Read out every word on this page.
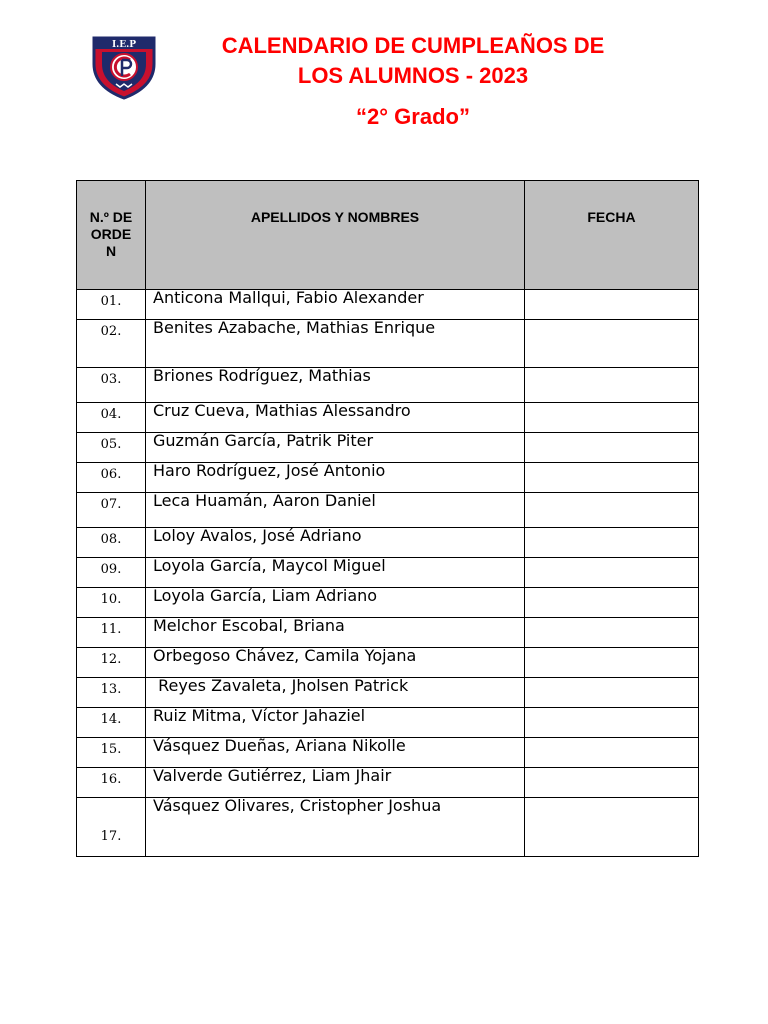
I.E.P	CALENDARIO DE CUMPLEAÑOS DE
LOS ALUMNOS - 2023
“2° Grado”
N.º DE ORDEN	APELLIDOS Y NOMBRES	FECHA

01.	Anticona Mallqui, Fabio Alexander	
02.	Benites Azabache, Mathias Enrique	
03.	Briones Rodríguez, Mathias	
04.	Cruz Cueva, Mathias Alessandro	
05.	Guzmán García, Patrik Piter	
06.	Haro Rodríguez, José Antonio	
07.	Leca Huamán, Aaron Daniel	
08.	Loloy Avalos, José Adriano	
09.	Loyola García, Maycol Miguel	
10.	Loyola García, Liam Adriano	
11.	Melchor Escobal, Briana	
12.	Orbegoso Chávez, Camila Yojana	
13.	Reyes Zavaleta, Jholsen Patrick	
14.	Ruiz Mitma, Víctor Jahaziel	
15.	Vásquez Dueñas, Ariana Nikolle	
16.	Valverde Gutiérrez, Liam Jhair	
17.	Vásquez Olivares, Cristopher Joshua	
